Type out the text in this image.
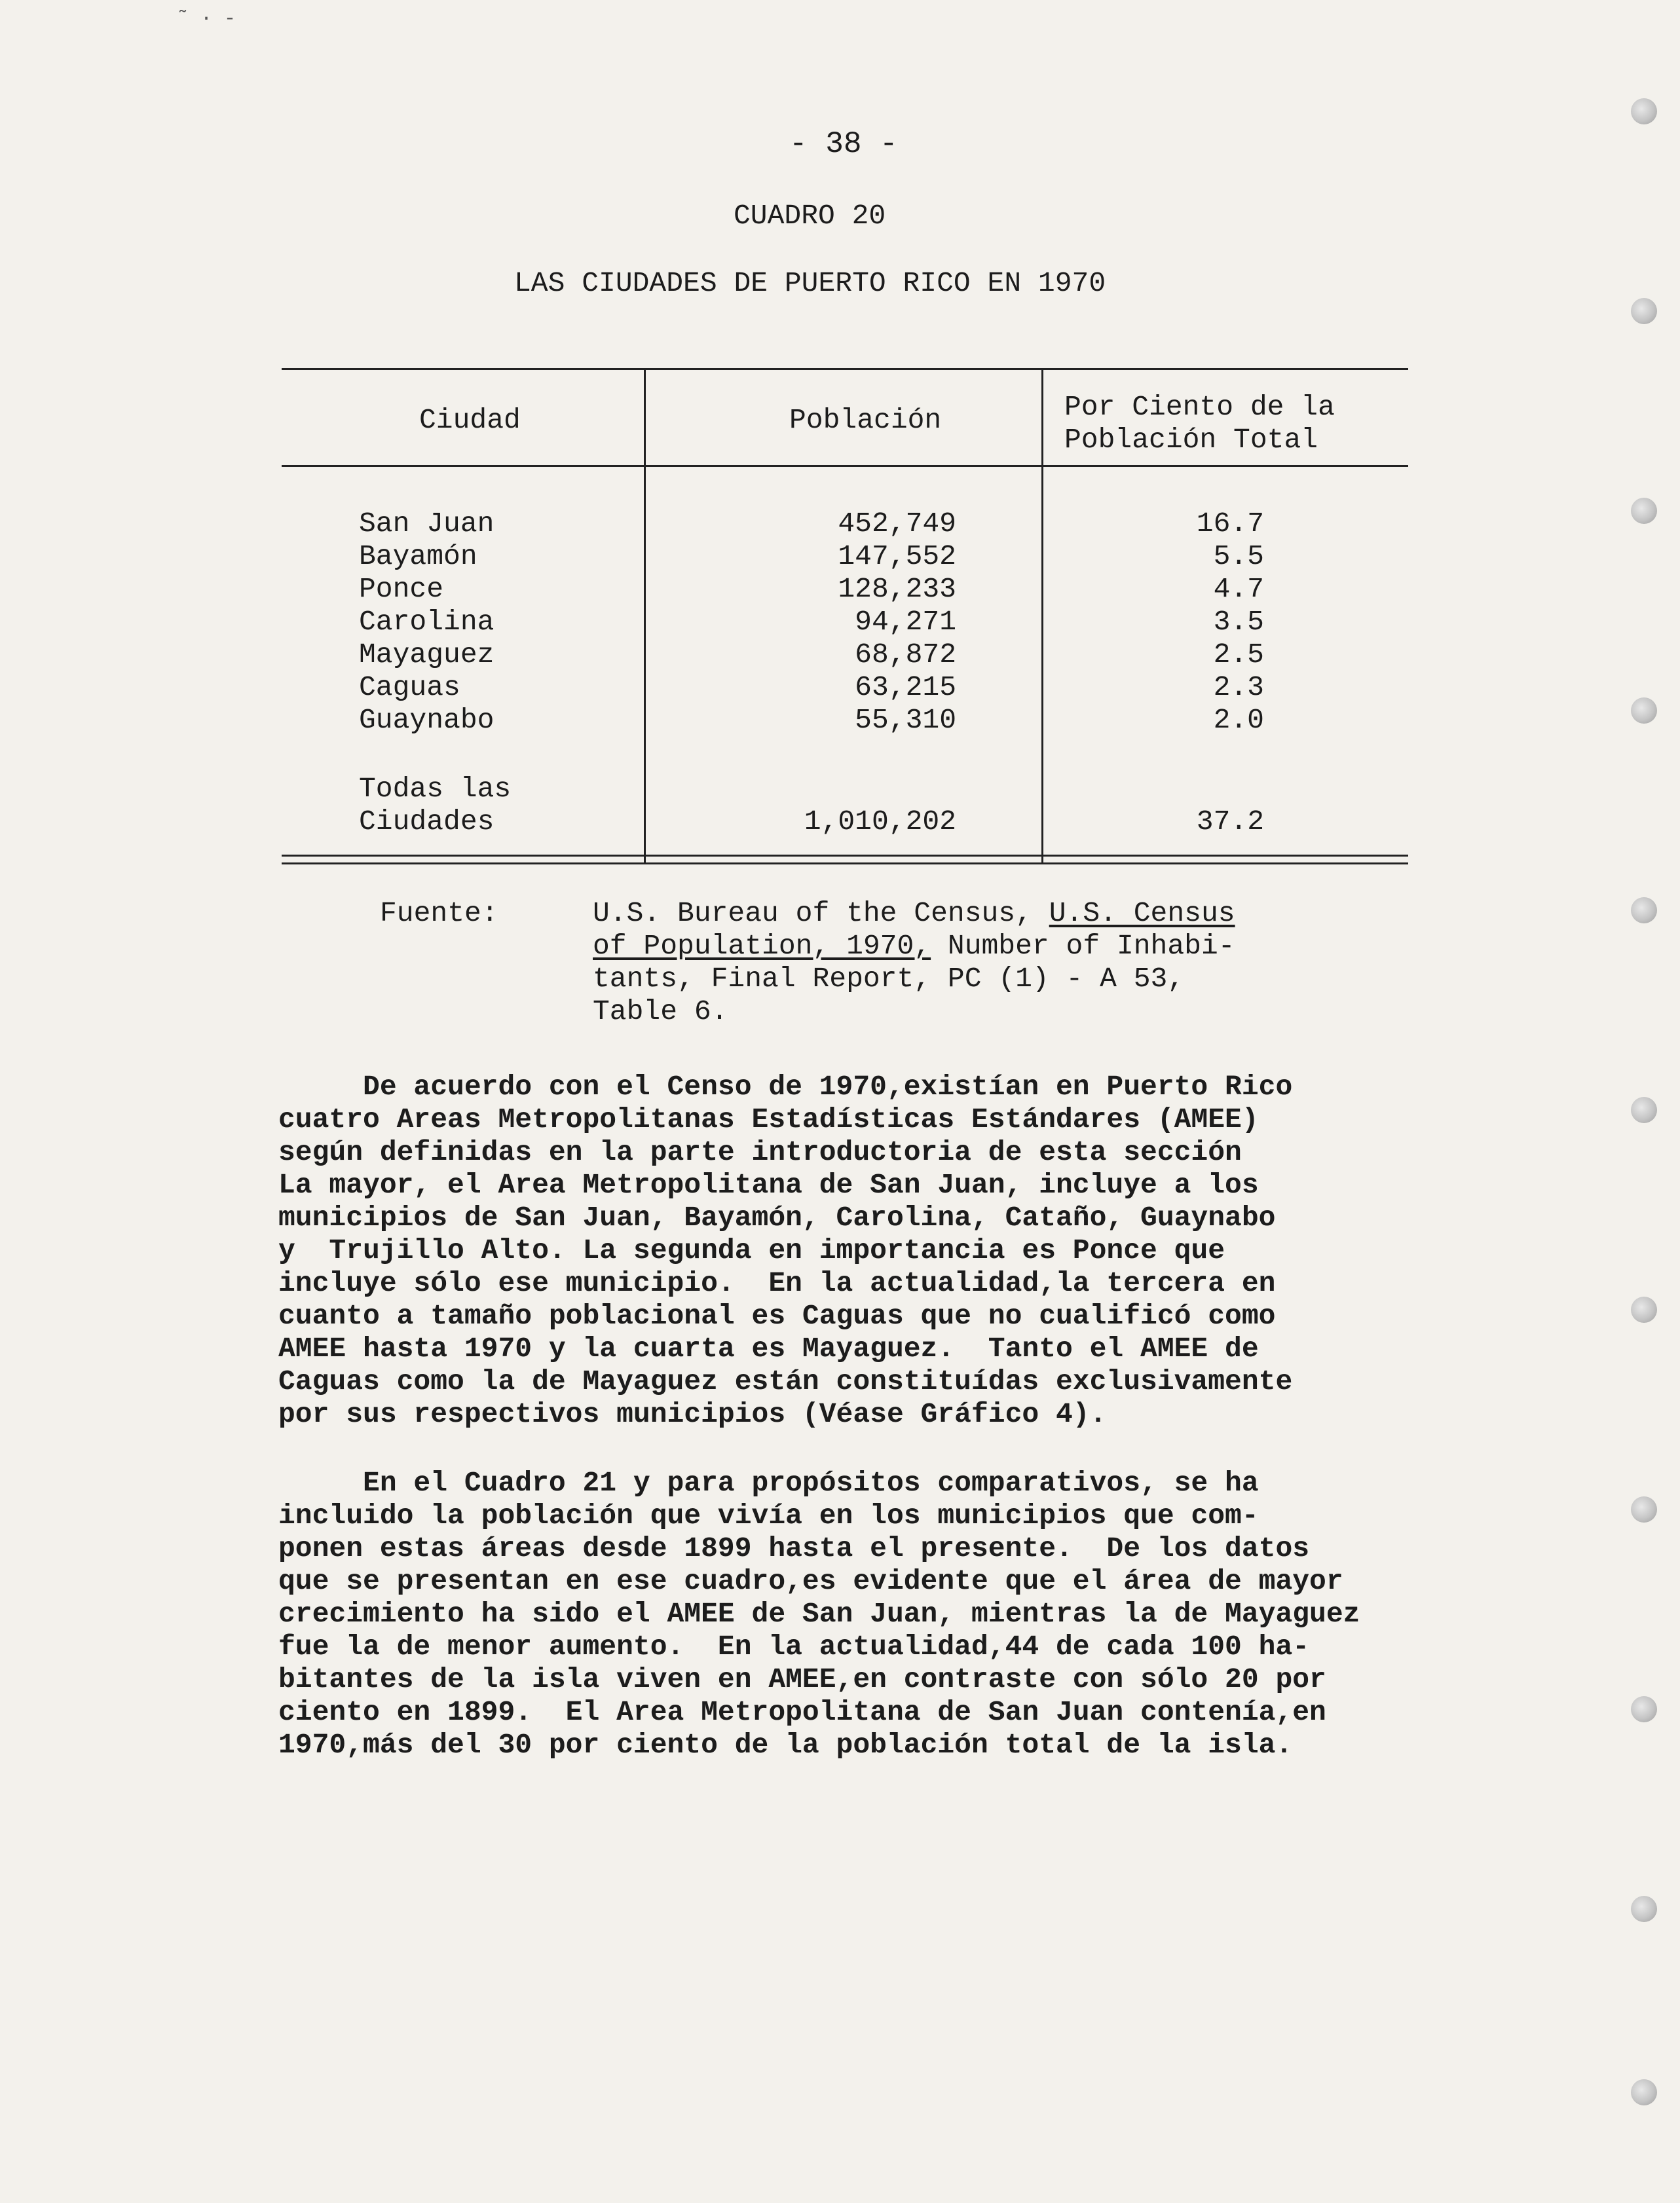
˜ · -
- 38 -
CUADRO 20
LAS CIUDADES DE PUERTO RICO EN 1970
Ciudad	Población	Por Ciento de la
Población Total
San Juan	452,749	16.7
Bayamón	147,552	5.5
Ponce	128,233	4.7
Carolina	94,271	3.5
Mayaguez	68,872	2.5
Caguas	63,215	2.3
Guaynabo	55,310	2.0
Todas las
Ciudades	1,010,202	37.2
Fuente:	U.S. Bureau of the Census, U.S. Census
of Population, 1970, Number of Inhabi-
tants, Final Report, PC (1) - A 53,
Table 6.
De acuerdo con el Censo de 1970,existían en Puerto Rico
cuatro Areas Metropolitanas Estadísticas Estándares (AMEE)
según definidas en la parte introductoria de esta sección
La mayor, el Area Metropolitana de San Juan, incluye a los
municipios de San Juan, Bayamón, Carolina, Cataño, Guaynabo
y  Trujillo Alto. La segunda en importancia es Ponce que
incluye sólo ese municipio.  En la actualidad,la tercera en
cuanto a tamaño poblacional es Caguas que no cualificó como
AMEE hasta 1970 y la cuarta es Mayaguez.  Tanto el AMEE de
Caguas como la de Mayaguez están constituídas exclusivamente
por sus respectivos municipios (Véase Gráfico 4).
En el Cuadro 21 y para propósitos comparativos, se ha
incluido la población que vivía en los municipios que com-
ponen estas áreas desde 1899 hasta el presente.  De los datos
que se presentan en ese cuadro,es evidente que el área de mayor
crecimiento ha sido el AMEE de San Juan, mientras la de Mayaguez
fue la de menor aumento.  En la actualidad,44 de cada 100 ha-
bitantes de la isla viven en AMEE,en contraste con sólo 20 por
ciento en 1899.  El Area Metropolitana de San Juan contenía,en
1970,más del 30 por ciento de la población total de la isla.
